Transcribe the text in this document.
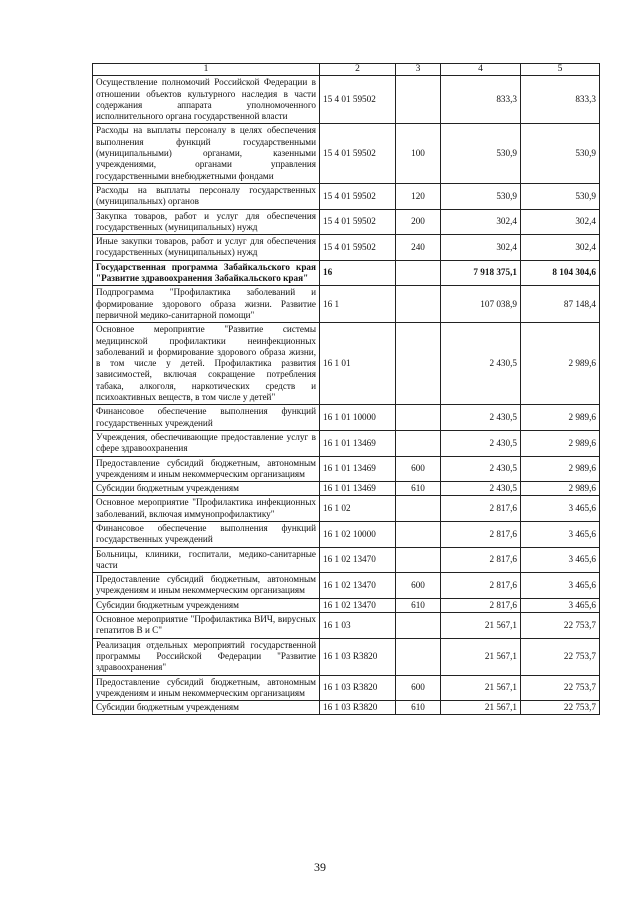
1	2	3	4	5
Осуществление полномочий Российской Федерации в отношении объектов культурного наследия в части содержания аппарата уполномоченного исполнительного органа государственной власти	15 4 01 59502		833,3	833,3
Расходы на выплаты персоналу в целях обеспечения выполнения функций государственными (муниципальными) органами, казенными учреждениями, органами управления государственными внебюджетными фондами	15 4 01 59502	100	530,9	530,9
Расходы на выплаты персоналу государственных (муниципальных) органов	15 4 01 59502	120	530,9	530,9
Закупка товаров, работ и услуг для обеспечения государственных (муниципальных) нужд	15 4 01 59502	200	302,4	302,4
Иные закупки товаров, работ и услуг для обеспечения государственных (муниципальных) нужд	15 4 01 59502	240	302,4	302,4
Государственная программа Забайкальского края "Развитие здравоохранения Забайкальского края"	16		7 918 375,1	8 104 304,6
Подпрограмма "Профилактика заболеваний и формирование здорового образа жизни. Развитие первичной медико-санитарной помощи"	16 1		107 038,9	87 148,4
Основное мероприятие "Развитие системы медицинской профилактики неинфекционных заболеваний и формирование здорового образа жизни, в том числе у детей. Профилактика развития зависимостей, включая сокращение потребления табака, алкоголя, наркотических средств и психоактивных веществ, в том числе у детей"	16 1 01		2 430,5	2 989,6
Финансовое обеспечение выполнения функций государственных учреждений	16 1 01 10000		2 430,5	2 989,6
Учреждения, обеспечивающие предоставление услуг в сфере здравоохранения	16 1 01 13469		2 430,5	2 989,6
Предоставление субсидий бюджетным, автономным учреждениям и иным некоммерческим организациям	16 1 01 13469	600	2 430,5	2 989,6
Субсидии бюджетным учреждениям	16 1 01 13469	610	2 430,5	2 989,6
Основное мероприятие "Профилактика инфекционных заболеваний, включая иммунопрофилактику"	16 1 02		2 817,6	3 465,6
Финансовое обеспечение выполнения функций государственных учреждений	16 1 02 10000		2 817,6	3 465,6
Больницы, клиники, госпитали, медико-санитарные части	16 1 02 13470		2 817,6	3 465,6
Предоставление субсидий бюджетным, автономным учреждениям и иным некоммерческим организациям	16 1 02 13470	600	2 817,6	3 465,6
Субсидии бюджетным учреждениям	16 1 02 13470	610	2 817,6	3 465,6
Основное мероприятие "Профилактика ВИЧ, вирусных гепатитов В и С"	16 1 03		21 567,1	22 753,7
Реализация отдельных мероприятий государственной программы Российской Федерации "Развитие здравоохранения"	16 1 03 R3820		21 567,1	22 753,7
Предоставление субсидий бюджетным, автономным учреждениям и иным некоммерческим организациям	16 1 03 R3820	600	21 567,1	22 753,7
Субсидии бюджетным учреждениям	16 1 03 R3820	610	21 567,1	22 753,7
39
